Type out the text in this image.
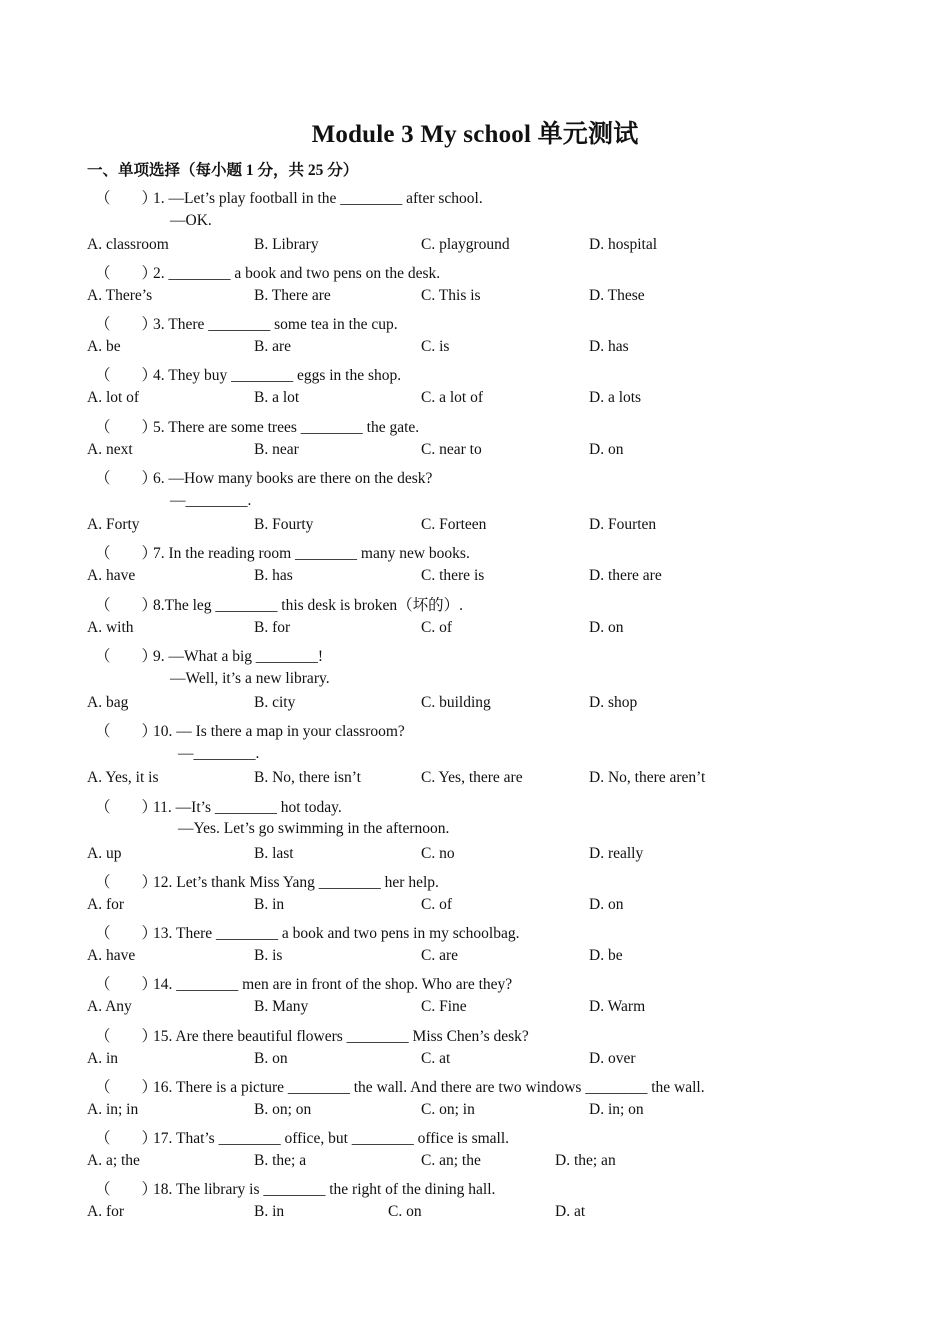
Module 3 My school 单元测试
一、单项选择（每小题 1 分，共 25 分）
（　　）1. —Let’s play football in the ________ after school.
—OK.
A. classroom	B. Library	C. playground	D. hospital
（　　）2. ________ a book and two pens on the desk.
A. There’s	B. There are	C. This is	D. These
（　　）3. There ________ some tea in the cup.
A. be	B. are	C. is	D. has
（　　）4. They buy ________ eggs in the shop.
A. lot of	B. a lot	C. a lot of	D. a lots
（　　）5. There are some trees ________ the gate.
A. next	B. near	C. near to	D. on
（　　）6. —How many books are there on the desk?
—________.
A. Forty	B. Fourty	C. Forteen	D. Fourten
（　　）7. In the reading room ________ many new books.
A. have	B. has	C. there is	D. there are
（　　）8.The leg ________ this desk is broken（坏的）.
A. with	B. for	C. of	D. on
（　　）9. —What a big ________!
—Well, it’s a new library.
A. bag	B. city	C. building	D. shop
（　　）10. — Is there a map in your classroom?
—________.
A. Yes, it is	B. No, there isn’t	C. Yes, there are	D. No, there aren’t
（　　）11. —It’s ________ hot today.
—Yes. Let’s go swimming in the afternoon.
A. up	B. last	C. no	D. really
（　　）12. Let’s thank Miss Yang ________ her help.
A. for	B. in	C. of	D. on
（　　）13. There ________ a book and two pens in my schoolbag.
A. have	B. is	C. are	D. be
（　　）14. ________ men are in front of the shop. Who are they?
A. Any	B. Many	C. Fine	D. Warm
（　　）15. Are there beautiful flowers ________ Miss Chen’s desk?
A. in	B. on	C. at	D. over
（　　）16. There is a picture ________ the wall. And there are two windows ________ the wall.
A. in; in	B. on; on	C. on; in	D. in; on
（　　）17. That’s ________ office, but ________ office is small.
A. a; the	B. the; a	C. an; the	D. the; an
（　　）18. The library is ________ the right of the dining hall.
A. for	B. in	C. on	D. at
